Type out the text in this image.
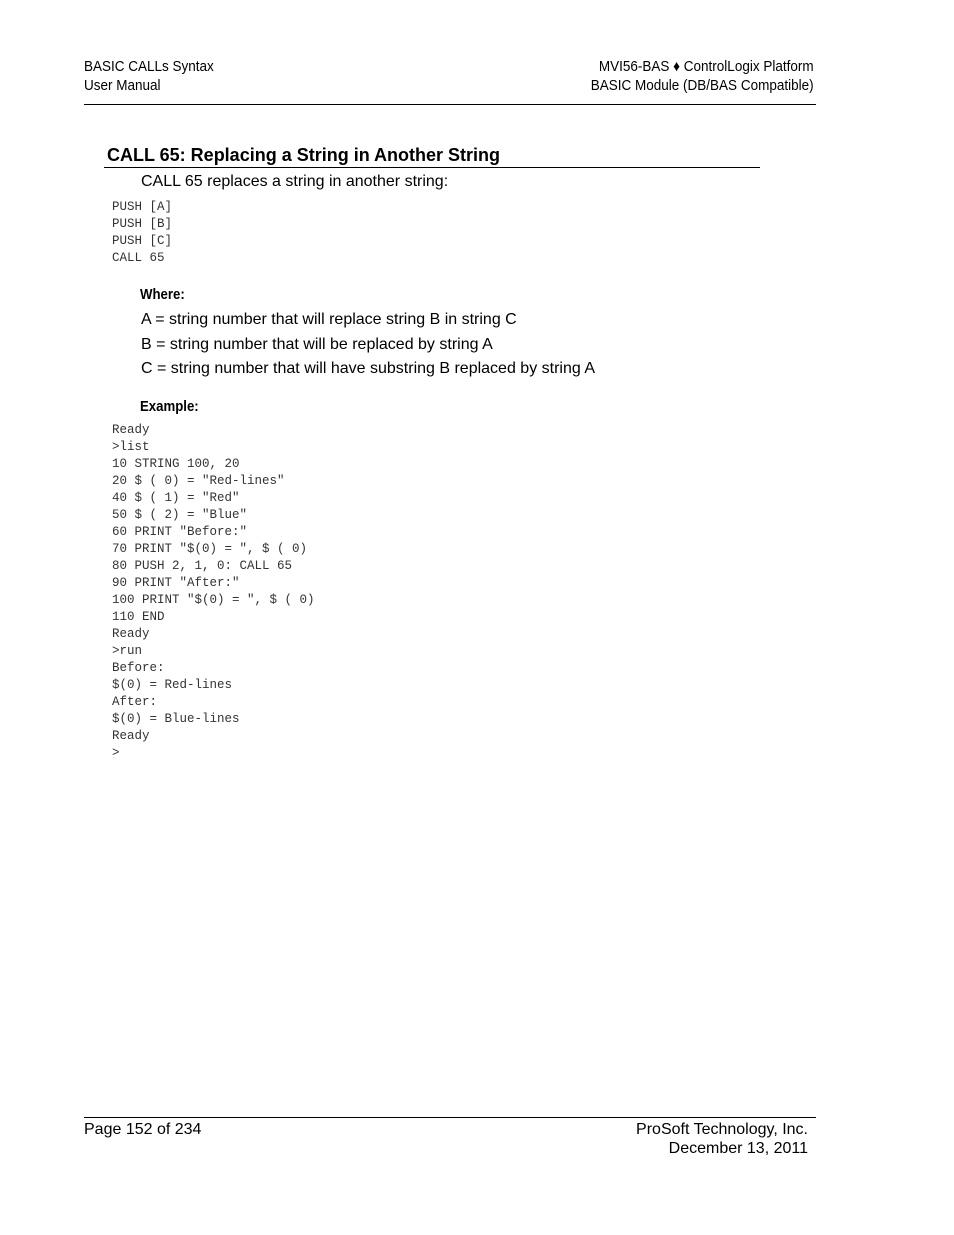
BASIC CALLs Syntax
User Manual
MVI56-BAS ♦ ControlLogix Platform
BASIC Module (DB/BAS Compatible)
CALL 65: Replacing a String in Another String
CALL 65 replaces a string in another string:
PUSH [A]
PUSH [B]
PUSH [C]
CALL 65
Where:
A = string number that will replace string B in string C
B = string number that will be replaced by string A
C = string number that will have substring B replaced by string A
Example:
Ready
>list
10 STRING 100, 20
20 $ ( 0) = "Red-lines"
40 $ ( 1) = "Red"
50 $ ( 2) = "Blue"
60 PRINT "Before:"
70 PRINT "$(0) = ", $ ( 0)
80 PUSH 2, 1, 0: CALL 65
90 PRINT "After:"
100 PRINT "$(0) = ", $ ( 0)
110 END
Ready
>run
Before:
$(0) = Red-lines
After:
$(0) = Blue-lines
Ready
>
Page 152 of 234	ProSoft Technology, Inc.
December 13, 2011
